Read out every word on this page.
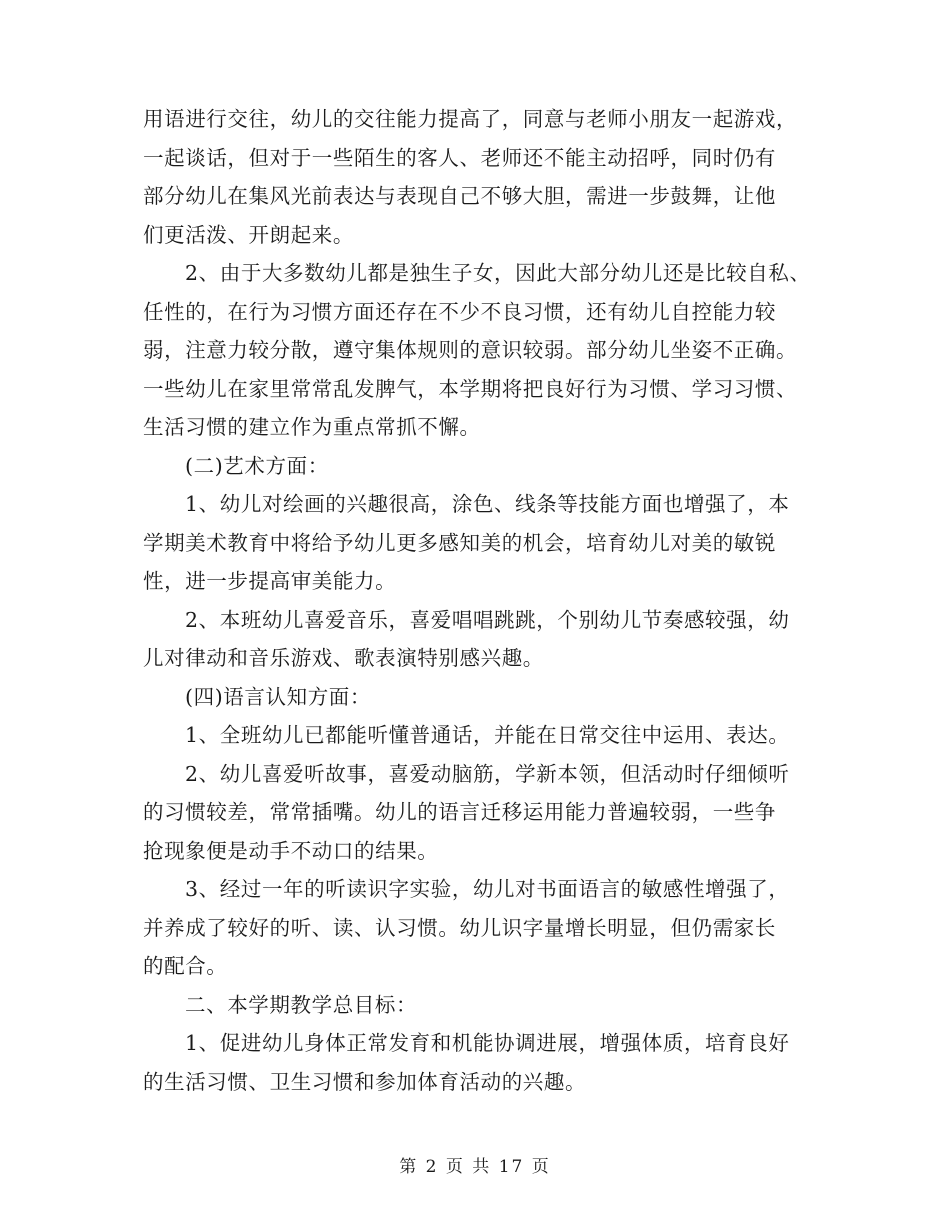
用语进行交往，幼儿的交往能力提高了，同意与老师小朋友一起游戏，
一起谈话，但对于一些陌生的客人、老师还不能主动招呼，同时仍有
部分幼儿在集风光前表达与表现自己不够大胆，需进一步鼓舞，让他
们更活泼、开朗起来。
2、由于大多数幼儿都是独生子女，因此大部分幼儿还是比较自私、
任性的，在行为习惯方面还存在不少不良习惯，还有幼儿自控能力较
弱，注意力较分散，遵守集体规则的意识较弱。部分幼儿坐姿不正确。
一些幼儿在家里常常乱发脾气，本学期将把良好行为习惯、学习习惯、
生活习惯的建立作为重点常抓不懈。
(二)艺术方面：
1、幼儿对绘画的兴趣很高，涂色、线条等技能方面也增强了，本
学期美术教育中将给予幼儿更多感知美的机会，培育幼儿对美的敏锐
性，进一步提高审美能力。
2、本班幼儿喜爱音乐，喜爱唱唱跳跳，个别幼儿节奏感较强，幼
儿对律动和音乐游戏、歌表演特别感兴趣。
(四)语言认知方面：
1、全班幼儿已都能听懂普通话，并能在日常交往中运用、表达。
2、幼儿喜爱听故事，喜爱动脑筋，学新本领，但活动时仔细倾听
的习惯较差，常常插嘴。幼儿的语言迁移运用能力普遍较弱，一些争
抢现象便是动手不动口的结果。
3、经过一年的听读识字实验，幼儿对书面语言的敏感性增强了，
并养成了较好的听、读、认习惯。幼儿识字量增长明显，但仍需家长
的配合。
二、本学期教学总目标：
1、促进幼儿身体正常发育和机能协调进展，增强体质，培育良好
的生活习惯、卫生习惯和参加体育活动的兴趣。
第 2 页 共 17 页
